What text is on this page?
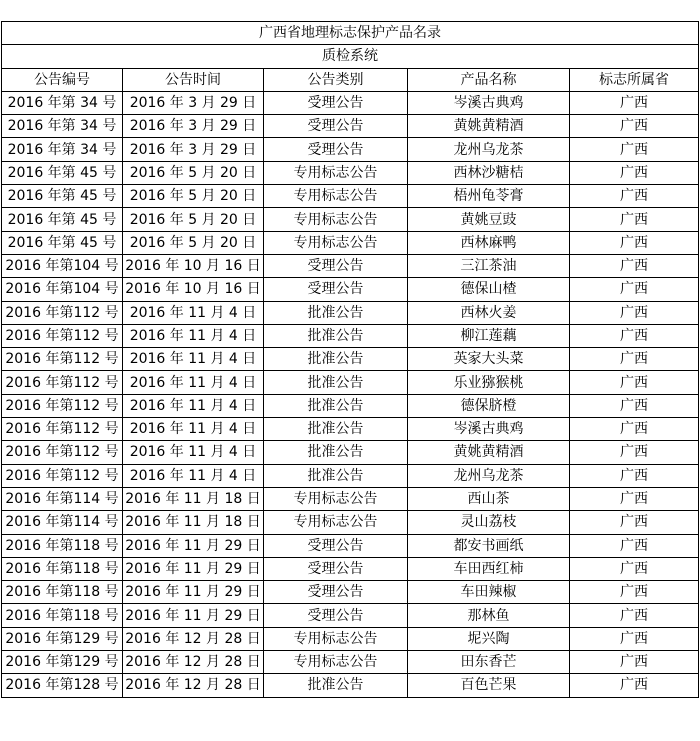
广西省地理标志保护产品名录				
质检系统				
公告编号	公告时间	公告类别	产品名称	标志所属省
2016 年第 34 号	2016 年 3 月 29 日	受理公告	岑溪古典鸡	广西
2016 年第 34 号	2016 年 3 月 29 日	受理公告	黄姚黄精酒	广西
2016 年第 34 号	2016 年 3 月 29 日	受理公告	龙州乌龙茶	广西
2016 年第 45 号	2016 年 5 月 20 日	专用标志公告	西林沙糖桔	广西
2016 年第 45 号	2016 年 5 月 20 日	专用标志公告	梧州龟苓膏	广西
2016 年第 45 号	2016 年 5 月 20 日	专用标志公告	黄姚豆豉	广西
2016 年第 45 号	2016 年 5 月 20 日	专用标志公告	西林麻鸭	广西
2016 年第104 号	2016 年 10 月 16 日	受理公告	三江茶油	广西
2016 年第104 号	2016 年 10 月 16 日	受理公告	德保山楂	广西
2016 年第112 号	2016 年 11 月 4 日	批准公告	西林火姜	广西
2016 年第112 号	2016 年 11 月 4 日	批准公告	柳江莲藕	广西
2016 年第112 号	2016 年 11 月 4 日	批准公告	英家大头菜	广西
2016 年第112 号	2016 年 11 月 4 日	批准公告	乐业猕猴桃	广西
2016 年第112 号	2016 年 11 月 4 日	批准公告	德保脐橙	广西
2016 年第112 号	2016 年 11 月 4 日	批准公告	岑溪古典鸡	广西
2016 年第112 号	2016 年 11 月 4 日	批准公告	黄姚黄精酒	广西
2016 年第112 号	2016 年 11 月 4 日	批准公告	龙州乌龙茶	广西
2016 年第114 号	2016 年 11 月 18 日	专用标志公告	西山茶	广西
2016 年第114 号	2016 年 11 月 18 日	专用标志公告	灵山荔枝	广西
2016 年第118 号	2016 年 11 月 29 日	受理公告	都安书画纸	广西
2016 年第118 号	2016 年 11 月 29 日	受理公告	车田西红柿	广西
2016 年第118 号	2016 年 11 月 29 日	受理公告	车田辣椒	广西
2016 年第118 号	2016 年 11 月 29 日	受理公告	那林鱼	广西
2016 年第129 号	2016 年 12 月 28 日	专用标志公告	坭兴陶	广西
2016 年第129 号	2016 年 12 月 28 日	专用标志公告	田东香芒	广西
2016 年第128 号	2016 年 12 月 28 日	批准公告	百色芒果	广西
